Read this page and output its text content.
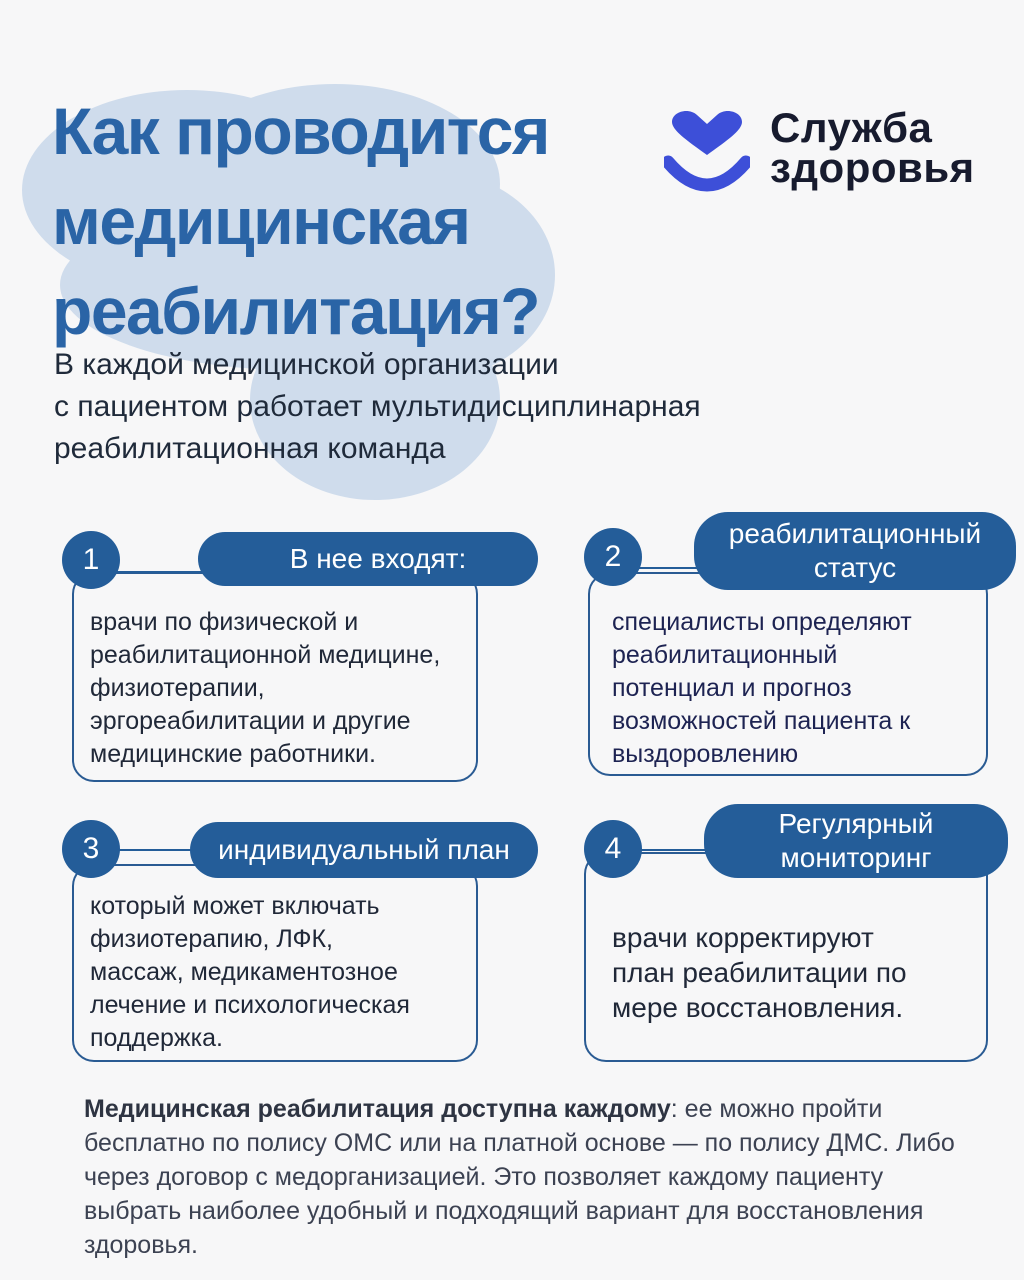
Как проводится
медицинская
реабилитация?
Служба
здоровья
В каждой медицинской организации
с пациентом работает мультидисциплинарная
реабилитационная команда
врачи по физической и
реабилитационной медицине,
физиотерапии,
эргореабилитации и другие
медицинские работники.
В нее входят:
1
специалисты определяют
реабилитационный
потенциал и прогноз
возможностей пациента к
выздоровлению
реабилитационный
статус
2
который может включать
физиотерапию, ЛФК,
массаж, медикаментозное
лечение и психологическая
поддержка.
индивидуальный план
3
врачи корректируют
план реабилитации по
мере восстановления.
Регулярный
мониторинг
4

Медицинская реабилитация доступна каждому: ее можно пройти бесплатно по полису ОМС или на платной основе — по полису ДМС. Либо через договор с медорганизацией. Это позволяет каждому пациенту выбрать наиболее удобный и подходящий вариант для восстановления здоровья.
